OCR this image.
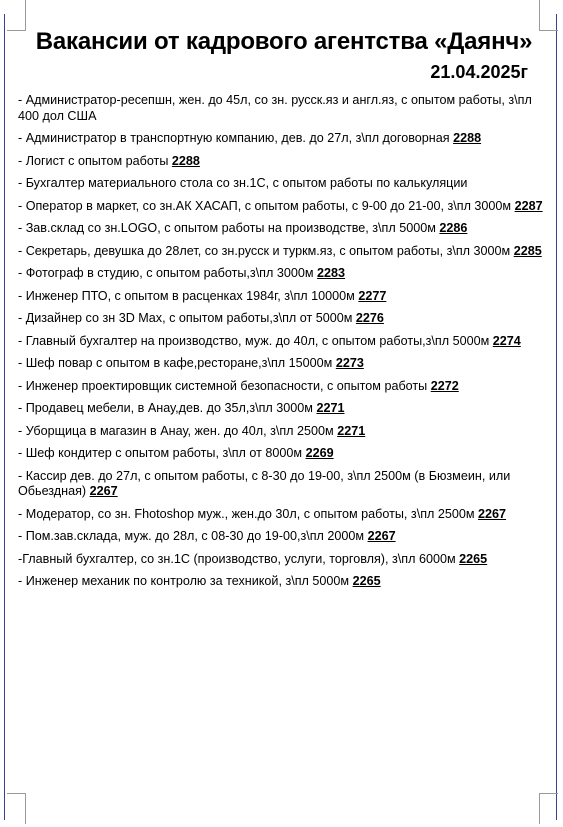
Вакансии от кадрового агентства «Даянч»
21.04.2025г
- Администратор-ресепшн, жен. до 45л, со зн. русск.яз и англ.яз, с опытом работы, з\пл 400 дол США
- Администратор в транспортную компанию, дев. до 27л, з\пл договорная 2288
- Логист с опытом работы 2288
- Бухгалтер материального стола со зн.1С, с опытом работы по калькуляции
- Оператор в маркет, со зн.АК ХАСАП, с опытом работы, с 9-00 до 21-00, з\пл 3000м 2287
- Зав.склад со зн.LOGO, с опытом работы на производстве, з\пл 5000м 2286
- Секретарь, девушка до 28лет, со зн.русск и туркм.яз, с опытом работы, з\пл 3000м 2285
- Фотограф в студию, с опытом работы,з\пл 3000м 2283
- Инженер ПТО, с опытом в расценках 1984г, з\пл 10000м 2277
- Дизайнер со зн 3D Max, с опытом работы,з\пл от 5000м 2276
- Главный бухгалтер на производство, муж. до 40л, с опытом работы,з\пл 5000м 2274
- Шеф повар с опытом в кафе,ресторане,з\пл 15000м 2273
- Инженер проектировщик системной безопасности, с опытом работы 2272
- Продавец мебели, в Анау,дев. до 35л,з\пл 3000м 2271
- Уборщица в магазин в Анау, жен. до 40л, з\пл 2500м 2271
- Шеф кондитер с опытом работы, з\пл от 8000м 2269
- Кассир дев. до 27л, с опытом работы, с 8-30 до 19-00, з\пл 2500м (в Бюзмеин, или Обьездная) 2267
- Модератор, со зн. Fhotoshop муж., жен.до 30л, с опытом работы, з\пл 2500м 2267
- Пом.зав.склада, муж. до 28л, с 08-30 до 19-00,з\пл 2000м 2267
-Главный бухгалтер, со зн.1С (производство, услуги, торговля), з\пл 6000м 2265
- Инженер механик по контролю за техникой, з\пл 5000м 2265
